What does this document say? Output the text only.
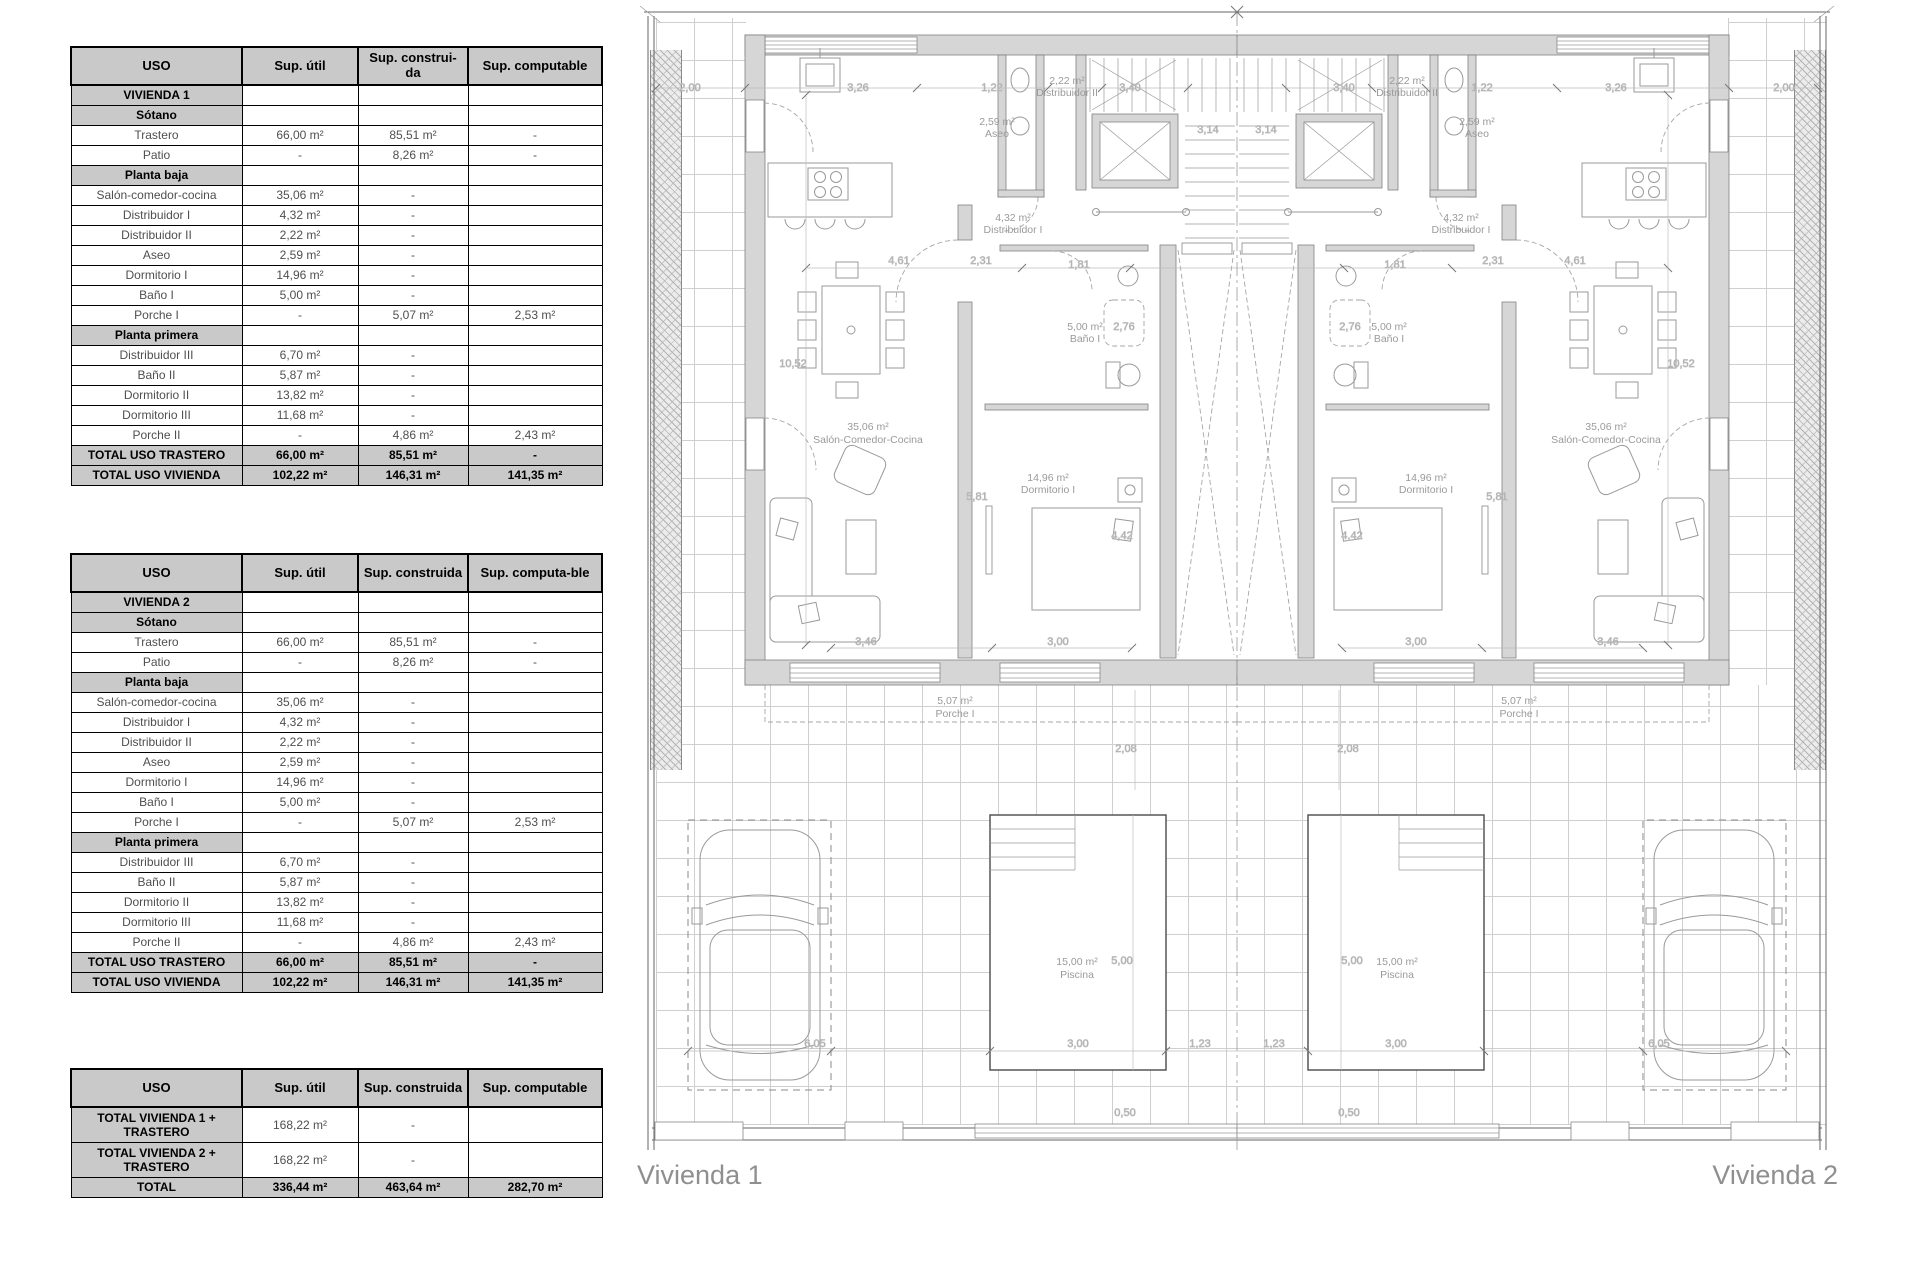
USO	Sup. útil	Sup. construi-da	Sup. computable
VIVIENDA 1			
Sótano			
Trastero	66,00 m²	85,51 m²	-
Patio	-	8,26 m²	-
Planta baja			
Salón-comedor-cocina	35,06 m²	-	
Distribuidor I	4,32 m²	-	
Distribuidor II	2,22 m²	-	
Aseo	2,59 m²	-	
Dormitorio I	14,96 m²	-	
Baño I	5,00 m²	-	
Porche I	-	5,07 m²	2,53 m²
Planta primera			
Distribuidor III	6,70 m²	-	
Baño II	5,87 m²	-	
Dormitorio II	13,82 m²	-	
Dormitorio III	11,68 m²	-	
Porche II	-	4,86 m²	2,43 m²
TOTAL USO TRASTERO	66,00 m²	85,51 m²	-
TOTAL USO VIVIENDA	102,22 m²	146,31 m²	141,35 m²
USO	Sup. útil	Sup. construida	Sup. computa-ble
VIVIENDA 2			
Sótano			
Trastero	66,00 m²	85,51 m²	-
Patio	-	8,26 m²	-
Planta baja			
Salón-comedor-cocina	35,06 m²	-	
Distribuidor I	4,32 m²	-	
Distribuidor II	2,22 m²	-	
Aseo	2,59 m²	-	
Dormitorio I	14,96 m²	-	
Baño I	5,00 m²	-	
Porche I	-	5,07 m²	2,53 m²
Planta primera			
Distribuidor III	6,70 m²	-	
Baño II	5,87 m²	-	
Dormitorio II	13,82 m²	-	
Dormitorio III	11,68 m²	-	
Porche II	-	4,86 m²	2,43 m²
TOTAL USO TRASTERO	66,00 m²	85,51 m²	-
TOTAL USO VIVIENDA	102,22 m²	146,31 m²	141,35 m²
USO	Sup. útil	Sup. construida	Sup. computable
TOTAL VIVIENDA 1 + TRASTERO	168,22 m²	-	
TOTAL VIVIENDA 2 + TRASTERO	168,22 m²	-	
TOTAL	336,44 m²	463,64 m²	282,70 m²
2,00	3,26	1,22	3,40
3,14
2,22 m²
Distribuidor II
2,59 m²
Aseo
4,32 m²
Distribuidor I
4,61	2,31	1,81
5,00 m²
Baño I
2,76
10,52
35,06 m²
Salón-Comedor-Cocina
14,96 m²
Dormitorio I
5,81
4,42
3,46	3,00
5,07 m²
Porche I
2,08
5,00
15,00 m²
Piscina
6,05	3,00	1,23
0,50
2,00
3,26
1,22
3,40
3,14
2,22 m²
Distribuidor II
2,59 m²
Aseo
4,32 m²
Distribuidor I
4,61
2,31
1,81
5,00 m²
Baño I
2,76
10,52
35,06 m²
Salón-Comedor-Cocina
14,96 m²
Dormitorio I
5,81
4,42
3,46
3,00
5,07 m²
Porche I
2,08
5,00 15,00 m²
Piscina
6,05
3,00
1,23
0,50
Vivienda 1	Vivienda 2
